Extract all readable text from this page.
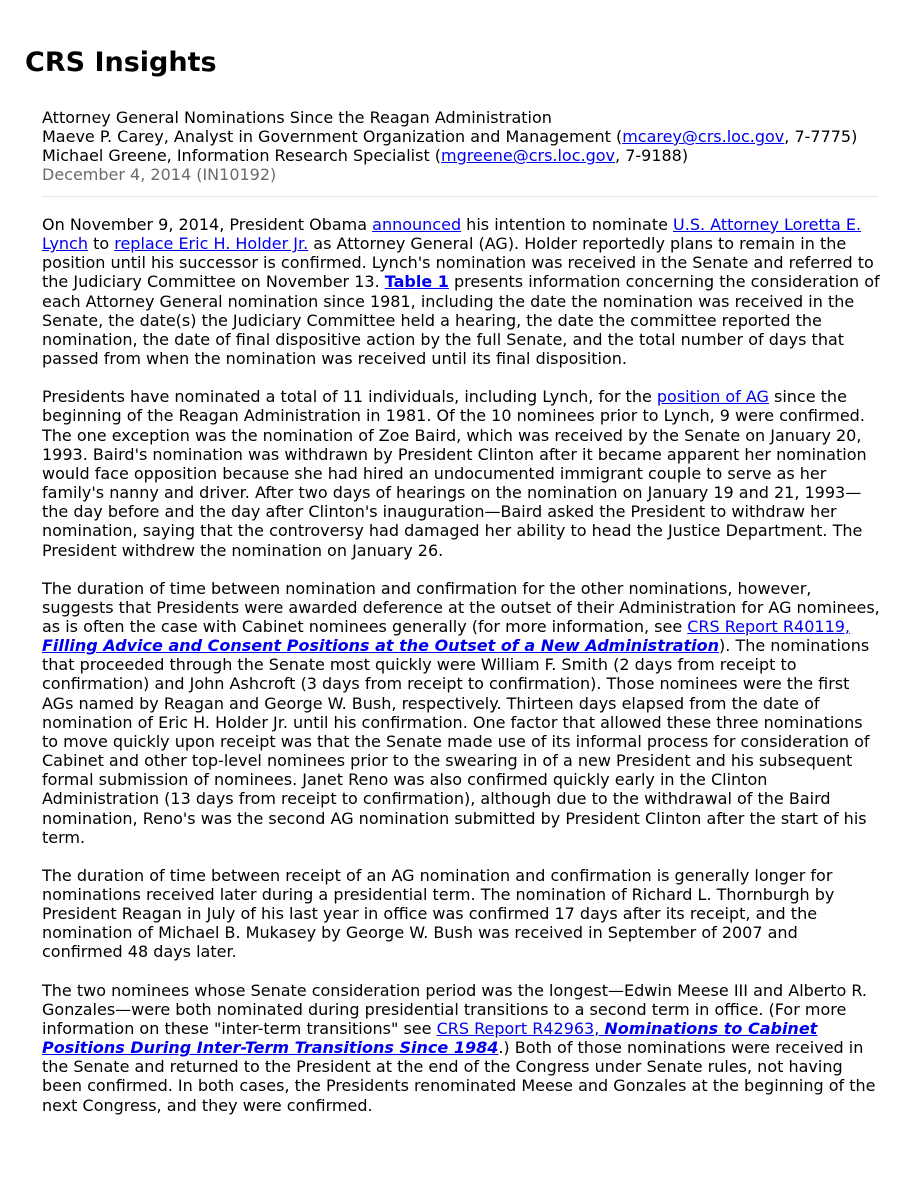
CRS Insights
Attorney General Nominations Since the Reagan Administration
Maeve P. Carey, Analyst in Government Organization and Management (mcarey@crs.loc.gov, 7-7775)
Michael Greene, Information Research Specialist (mgreene@crs.loc.gov, 7-9188)
December 4, 2014 (IN10192)

On November 9, 2014, President Obama announced his intention to nominate U.S. Attorney Loretta E. Lynch to replace Eric H. Holder Jr. as Attorney General (AG). Holder reportedly plans to remain in the position until his successor is confirmed. Lynch's nomination was received in the Senate and referred to the Judiciary Committee on November 13. Table 1 presents information concerning the consideration of each Attorney General nomination since 1981, including the date the nomination was received in the Senate, the date(s) the Judiciary Committee held a hearing, the date the committee reported the nomination, the date of final dispositive action by the full Senate, and the total number of days that passed from when the nomination was received until its final disposition.

Presidents have nominated a total of 11 individuals, including Lynch, for the position of AG since the beginning of the Reagan Administration in 1981. Of the 10 nominees prior to Lynch, 9 were confirmed. The one exception was the nomination of Zoe Baird, which was received by the Senate on January 20, 1993. Baird's nomination was withdrawn by President Clinton after it became apparent her nomination would face opposition because she had hired an undocumented immigrant couple to serve as her family's nanny and driver. After two days of hearings on the nomination on January 19 and 21, 1993—the day before and the day after Clinton's inauguration—Baird asked the President to withdraw her nomination, saying that the controversy had damaged her ability to head the Justice Department. The President withdrew the nomination on January 26.

The duration of time between nomination and confirmation for the other nominations, however, suggests that Presidents were awarded deference at the outset of their Administration for AG nominees, as is often the case with Cabinet nominees generally (for more information, see CRS Report R40119, Filling Advice and Consent Positions at the Outset of a New Administration). The nominations that proceeded through the Senate most quickly were William F. Smith (2 days from receipt to confirmation) and John Ashcroft (3 days from receipt to confirmation). Those nominees were the first AGs named by Reagan and George W. Bush, respectively. Thirteen days elapsed from the date of nomination of Eric H. Holder Jr. until his confirmation. One factor that allowed these three nominations to move quickly upon receipt was that the Senate made use of its informal process for consideration of Cabinet and other top-level nominees prior to the swearing in of a new President and his subsequent formal submission of nominees. Janet Reno was also confirmed quickly early in the Clinton Administration (13 days from receipt to confirmation), although due to the withdrawal of the Baird nomination, Reno's was the second AG nomination submitted by President Clinton after the start of his term.

The duration of time between receipt of an AG nomination and confirmation is generally longer for nominations received later during a presidential term. The nomination of Richard L. Thornburgh by President Reagan in July of his last year in office was confirmed 17 days after its receipt, and the nomination of Michael B. Mukasey by George W. Bush was received in September of 2007 and confirmed 48 days later.

The two nominees whose Senate consideration period was the longest—Edwin Meese III and Alberto R. Gonzales—were both nominated during presidential transitions to a second term in office. (For more information on these "inter-term transitions" see CRS Report R42963, Nominations to Cabinet Positions During Inter-Term Transitions Since 1984.) Both of those nominations were received in the Senate and returned to the President at the end of the Congress under Senate rules, not having been confirmed. In both cases, the Presidents renominated Meese and Gonzales at the beginning of the next Congress, and they were confirmed.
